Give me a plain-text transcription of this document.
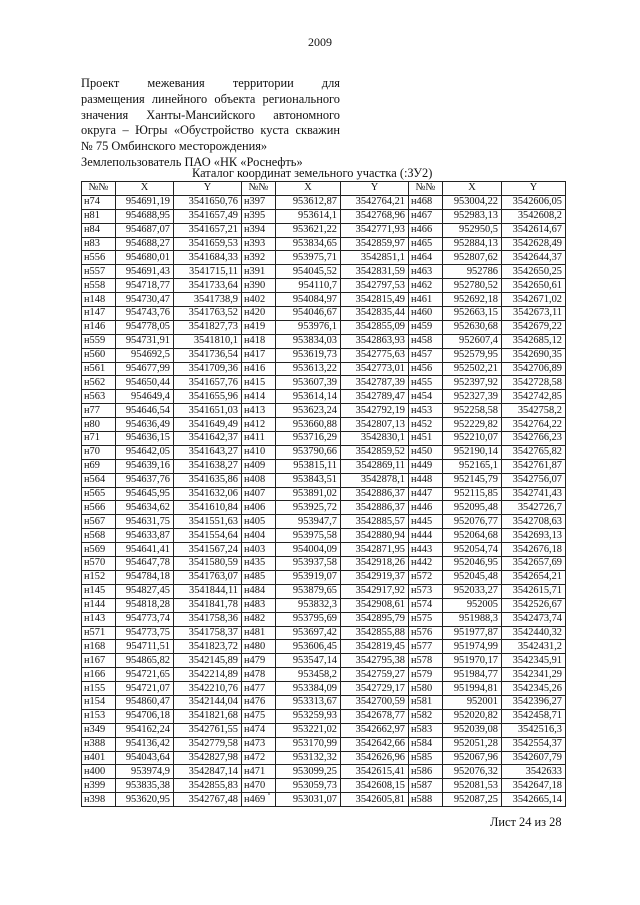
2009
Проект межевания территории для
размещения линейного объекта регионального
значения Ханты-Мансийского автономного
округа – Югры «Обустройство куста скважин
№ 75 Омбинского месторождения»
Землепользователь ПАО «НК «Роснефть»
Каталог координат земельного участка (:ЗУ2)
№№	X	Y	№№	X	Y	№№	X	Y
н74	954691,19	3541650,76	н397	953612,87	3542764,21	н468	953004,22	3542606,05
н81	954688,95	3541657,49	н395	953614,1	3542768,96	н467	952983,13	3542608,2
н84	954687,07	3541657,21	н394	953621,22	3542771,93	н466	952950,5	3542614,67
н83	954688,27	3541659,53	н393	953834,65	3542859,97	н465	952884,13	3542628,49
н556	954680,01	3541684,33	н392	953975,71	3542851,1	н464	952807,62	3542644,37
н557	954691,43	3541715,11	н391	954045,52	3542831,59	н463	952786	3542650,25
н558	954718,77	3541733,64	н390	954110,7	3542797,53	н462	952780,52	3542650,61
н148	954730,47	3541738,9	н402	954084,97	3542815,49	н461	952692,18	3542671,02
н147	954743,76	3541763,52	н420	954046,67	3542835,44	н460	952663,15	3542673,11
н146	954778,05	3541827,73	н419	953976,1	3542855,09	н459	952630,68	3542679,22
н559	954731,91	3541810,1	н418	953834,03	3542863,93	н458	952607,4	3542685,12
н560	954692,5	3541736,54	н417	953619,73	3542775,63	н457	952579,95	3542690,35
н561	954677,99	3541709,36	н416	953613,22	3542773,01	н456	952502,21	3542706,89
н562	954650,44	3541657,76	н415	953607,39	3542787,39	н455	952397,92	3542728,58
н563	954649,4	3541655,96	н414	953614,14	3542789,47	н454	952327,39	3542742,85
н77	954646,54	3541651,03	н413	953623,24	3542792,19	н453	952258,58	3542758,2
н80	954636,49	3541649,49	н412	953660,88	3542807,13	н452	952229,82	3542764,22
н71	954636,15	3541642,37	н411	953716,29	3542830,1	н451	952210,07	3542766,23
н70	954642,05	3541643,27	н410	953790,66	3542859,52	н450	952190,14	3542765,82
н69	954639,16	3541638,27	н409	953815,11	3542869,11	н449	952165,1	3542761,87
н564	954637,76	3541635,86	н408	953843,51	3542878,1	н448	952145,79	3542756,07
н565	954645,95	3541632,06	н407	953891,02	3542886,37	н447	952115,85	3542741,43
н566	954634,62	3541610,84	н406	953925,72	3542886,37	н446	952095,48	3542726,7
н567	954631,75	3541551,63	н405	953947,7	3542885,57	н445	952076,77	3542708,63
н568	954633,87	3541554,64	н404	953975,58	3542880,94	н444	952064,68	3542693,13
н569	954641,41	3541567,24	н403	954004,09	3542871,95	н443	952054,74	3542676,18
н570	954647,78	3541580,59	н435	953937,58	3542918,26	н442	952046,95	3542657,69
н152	954784,18	3541763,07	н485	953919,07	3542919,37	н572	952045,48	3542654,21
н145	954827,45	3541844,11	н484	953879,65	3542917,92	н573	952033,27	3542615,71
н144	954818,28	3541841,78	н483	953832,3	3542908,61	н574	952005	3542526,67
н143	954773,74	3541758,36	н482	953795,69	3542895,79	н575	951988,3	3542473,74
н571	954773,75	3541758,37	н481	953697,42	3542855,88	н576	951977,87	3542440,32
н168	954711,51	3541823,72	н480	953606,45	3542819,45	н577	951974,99	3542431,2
н167	954865,82	3542145,89	н479	953547,14	3542795,38	н578	951970,17	3542345,91
н166	954721,65	3542214,89	н478	953458,2	3542759,27	н579	951984,77	3542341,29
н155	954721,07	3542210,76	н477	953384,09	3542729,17	н580	951994,81	3542345,26
н154	954860,47	3542144,04	н476	953313,67	3542700,59	н581	952001	3542396,27
н153	954706,18	3541821,68	н475	953259,93	3542678,77	н582	952020,82	3542458,71
н349	954162,24	3542761,55	н474	953221,02	3542662,97	н583	952039,08	3542516,3
н388	954136,42	3542779,58	н473	953170,99	3542642,66	н584	952051,28	3542554,37
н401	954043,64	3542827,98	н472	953132,32	3542626,96	н585	952067,96	3542607,79
н400	953974,9	3542847,14	н471	953099,25	3542615,41	н586	952076,32	3542633
н399	953835,38	3542855,83	н470	953059,73	3542608,15	н587	952081,53	3542647,18
н398	953620,95	3542767,48	н469	953031,07	3542605,81	н588	952087,25	3542665,14
Лист 24 из 28
